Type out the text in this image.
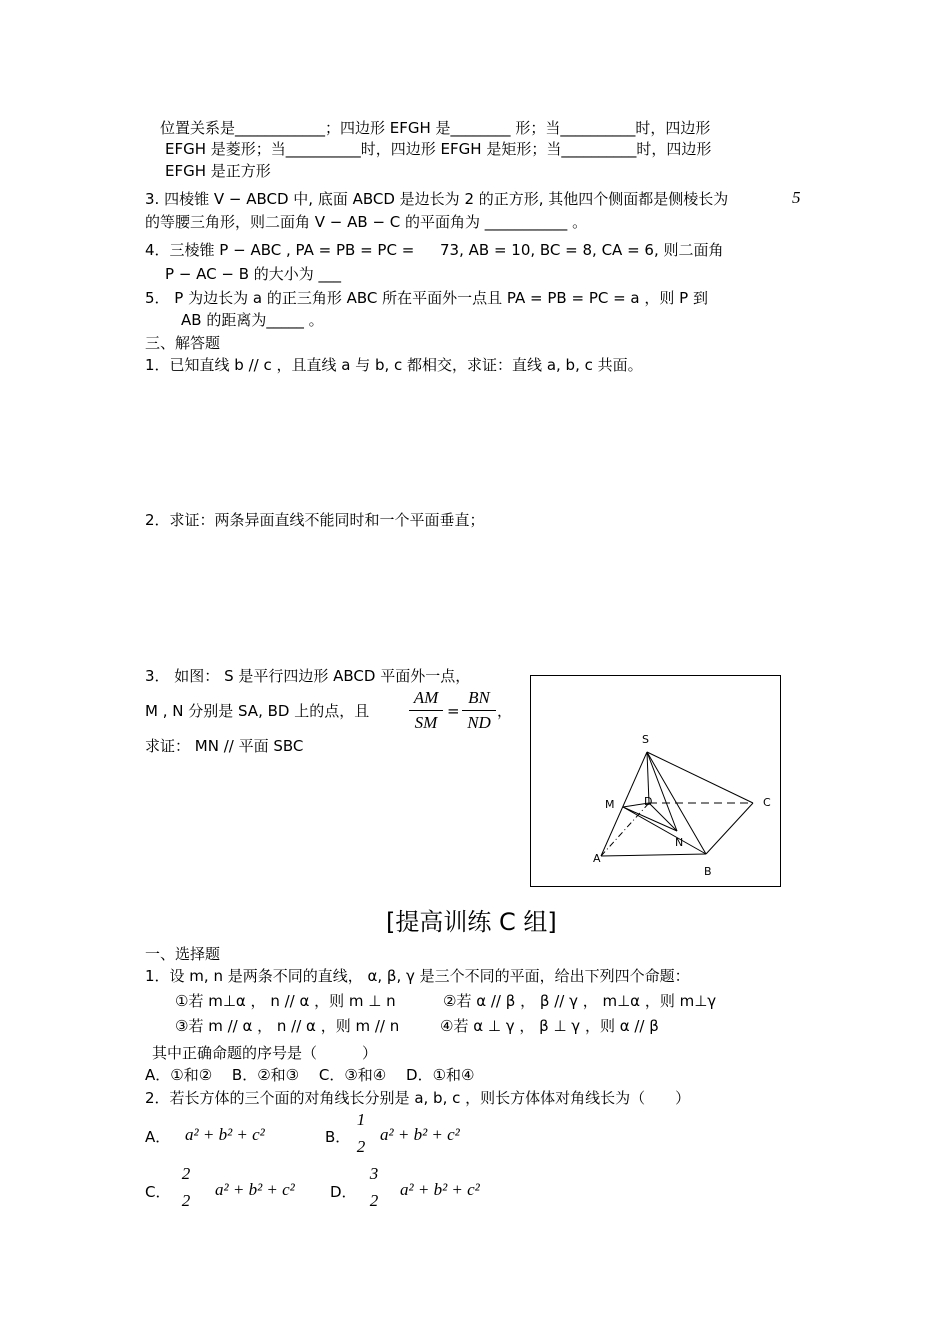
位置关系是____________；四边形 EFGH 是________ 形；当__________时，四边形
EFGH 是菱形；当__________时，四边形 EFGH 是矩形；当__________时，四边形
EFGH 是正方形
3. 四棱锥 V − ABCD 中, 底面 ABCD 是边长为 2 的正方形, 其他四个侧面都是侧棱长为	5
的等腰三角形，则二面角 V − AB − C 的平面角为 ___________ 。
4．三棱锥 P − ABC , PA = PB = PC = 73, AB = 10, BC = 8, CA = 6, 则二面角
P − AC − B 的大小为 ___
5． P 为边长为 a 的正三角形 ABC 所在平面外一点且 PA = PB = PC = a ，则 P 到
AB 的距离为_____ 。
三、解答题
1．已知直线 b // c ，且直线 a 与 b, c 都相交，求证：直线 a, b, c 共面。
2．求证：两条异面直线不能同时和一个平面垂直；
3． 如图： S 是平行四边形 ABCD 平面外一点，
M , N 分别是 SA, BD 上的点，且
AM
SM
=
BN
ND
，
求证： MN // 平面 SBC	S
M	D	C
A
N
B
[提高训练 C 组]
一、选择题
1．设 m, n 是两条不同的直线， α, β, γ 是三个不同的平面，给出下列四个命题：
①若 m⊥α ， n // α ，则 m ⊥ n	②若 α // β ， β // γ ， m⊥α ，则 m⊥γ
③若 m // α ， n // α ，则 m // n	④若 α ⊥ γ ， β ⊥ γ ，则 α // β
其中正确命题的序号是（　　　）
A．①和②　 B．②和③　 C．③和④　 D．①和④
2．若长方体的三个面的对角线长分别是 a, b, c ，则长方体体对角线长为（　　）
A． a² + b² + c²	B．
1
2
a² + b² + c²
C．
2
2
a² + b² + c² D．
3
2
a² + b² + c²
